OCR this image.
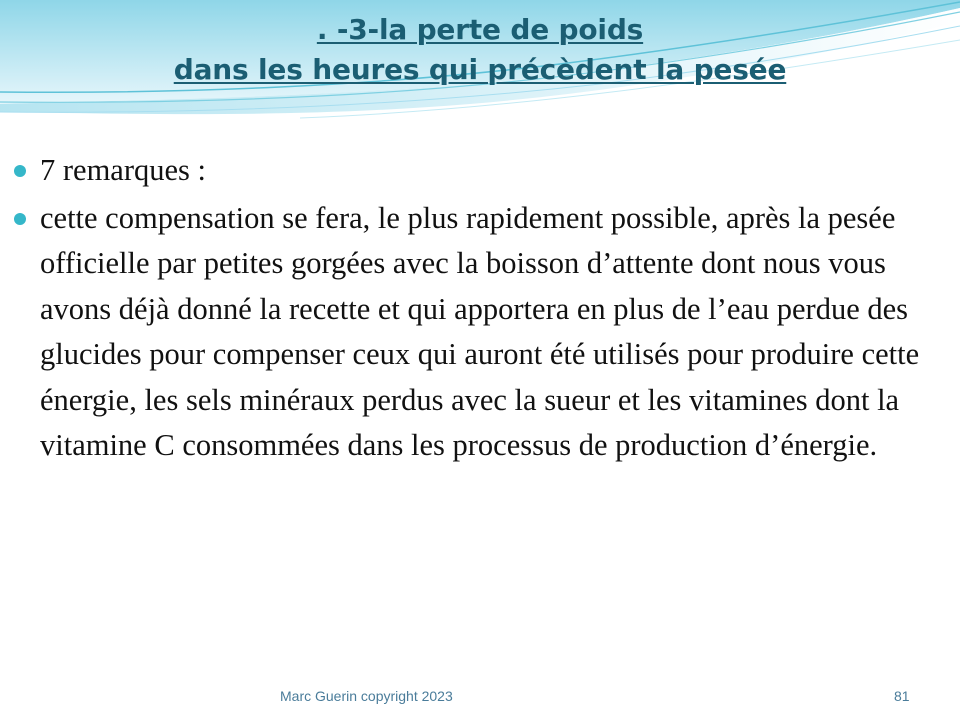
. -3-la perte de poids
dans les heures qui précèdent la pesée
7 remarques :
cette compensation se fera, le plus rapidement possible, après la pesée officielle par petites gorgées avec la boisson d’attente dont nous vous avons déjà donné la recette et qui apportera en plus de l’eau perdue des glucides pour compenser ceux qui auront été utilisés pour produire cette énergie, les sels minéraux perdus avec la sueur et les vitamines dont la vitamine C consommées dans les processus de production d’énergie.
Marc Guerin copyright 2023	81
